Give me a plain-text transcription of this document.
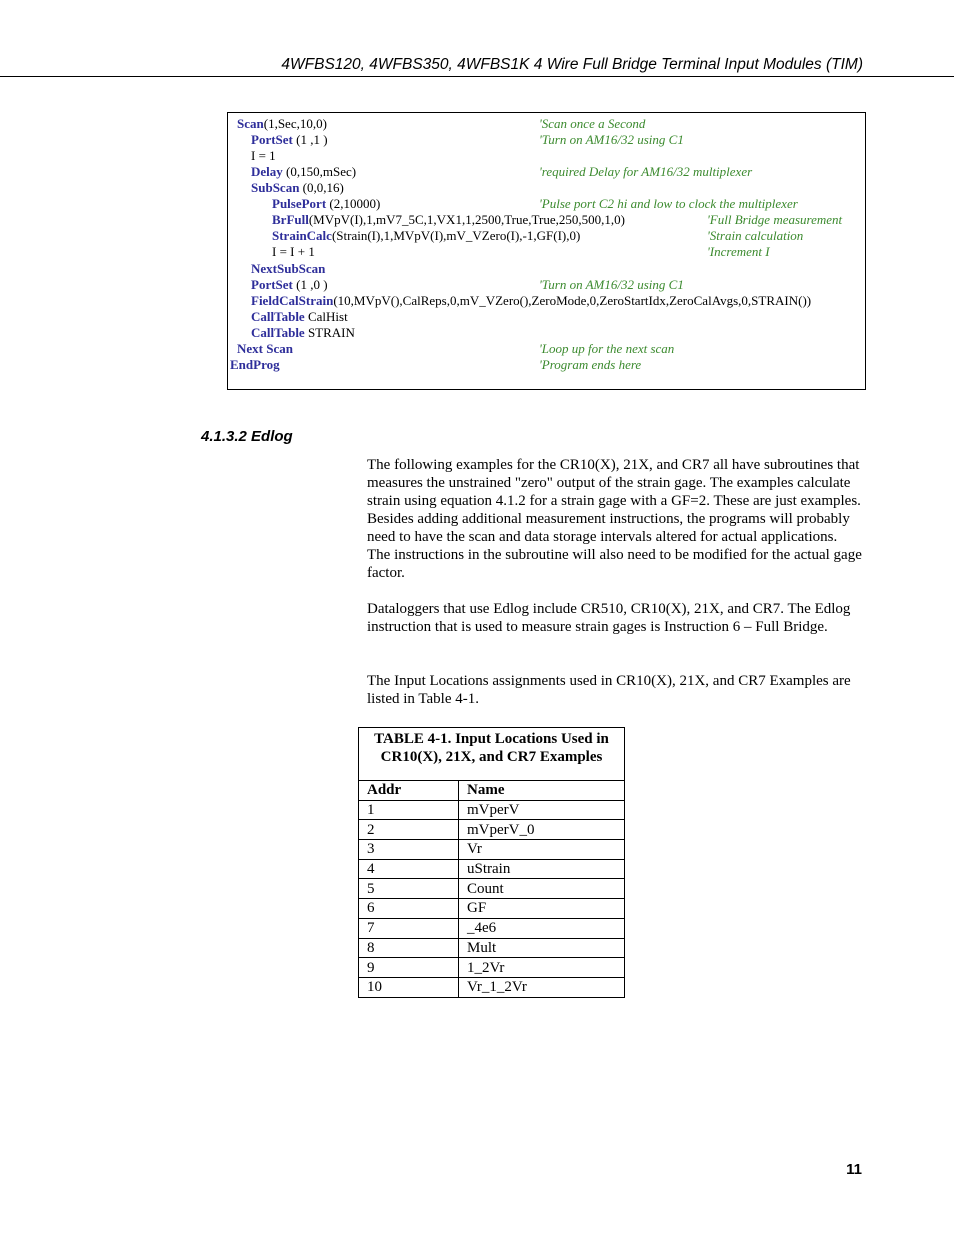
4WFBS120, 4WFBS350, 4WFBS1K 4 Wire Full Bridge Terminal Input Modules (TIM)
Scan(1,Sec,10,0)	'Scan once a Second
PortSet (1 ,1 )	'Turn on AM16/32 using C1
I = 1
Delay (0,150,mSec)	'required Delay for AM16/32 multiplexer
SubScan (0,0,16)
PulsePort (2,10000)	'Pulse port C2 hi and low to clock the multiplexer
BrFull(MVpV(I),1,mV7_5C,1,VX1,1,2500,True,True,250,500,1,0)	'Full Bridge measurement
StrainCalc(Strain(I),1,MVpV(I),mV_VZero(I),-1,GF(I),0)	'Strain calculation
I = I + 1	'Increment I
NextSubScan
PortSet (1 ,0 )	'Turn on AM16/32 using C1
FieldCalStrain(10,MVpV(),CalReps,0,mV_VZero(),ZeroMode,0,ZeroStartIdx,ZeroCalAvgs,0,STRAIN())
CallTable CalHist
CallTable STRAIN
Next Scan	'Loop up for the next scan
EndProg	'Program ends here
4.1.3.2 Edlog

The following examples for the CR10(X), 21X, and CR7 all have subroutines that measures the unstrained "zero" output of the strain gage. The examples calculate strain using equation 4.1.2 for a strain gage with a GF=2. These are just examples. Besides adding additional measurement instructions, the programs will probably need to have the scan and data storage intervals altered for actual applications. The instructions in the subroutine will also need to be modified for the actual gage factor.

Dataloggers that use Edlog include CR510, CR10(X), 21X, and CR7. The Edlog instruction that is used to measure strain gages is Instruction 6 – Full Bridge.

The Input Locations assignments used in CR10(X), 21X, and CR7 Examples are listed in Table 4-1.

TABLE 4-1. Input Locations Used in CR10(X), 21X, and CR7 Examples
Addr	Name
1	mVperV
2	mVperV_0
3	Vr
4	uStrain
5	Count
6	GF
7	_4e6
8	Mult
9	1_2Vr
10	Vr_1_2Vr
11
